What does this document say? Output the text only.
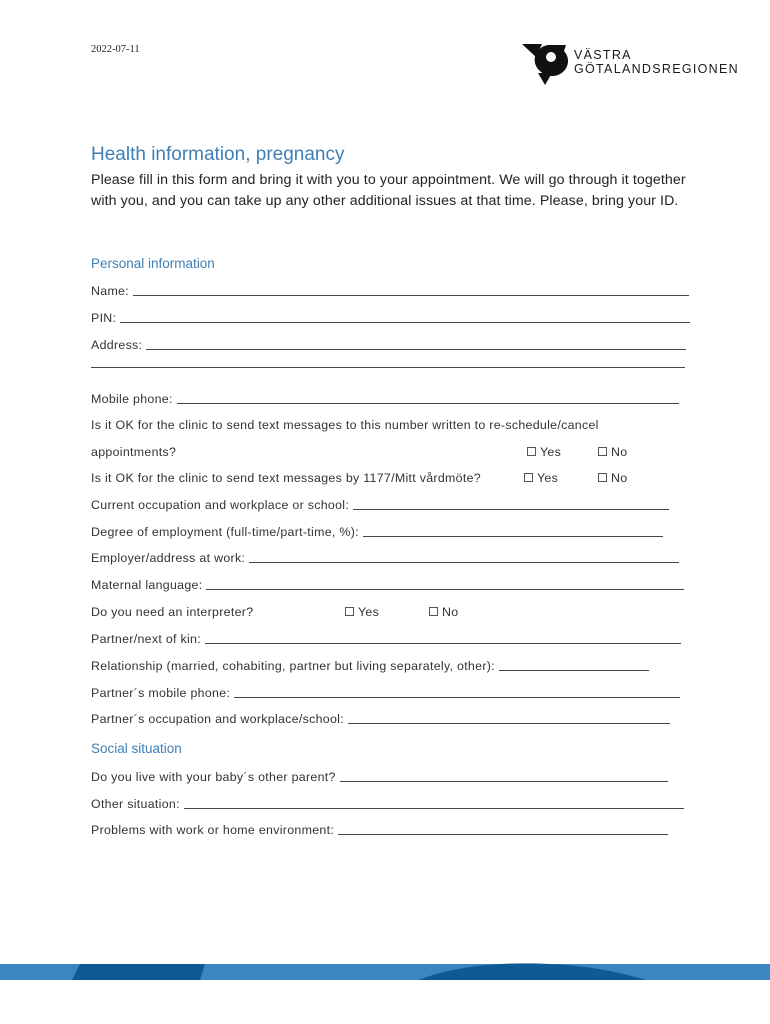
2022-07-11	VÄSTRA
GÖTALANDSREGIONEN
Health information, pregnancy

Please fill in this form and bring it with you to your appointment. We will go through it together with you, and you can take up any other additional issues at that time. Please, bring your ID.

Personal information
Name:
PIN:
Address:
Mobile phone:
Is it OK for the clinic to send text messages to this number written to re-schedule/cancel
appointments?	Yes	No
Is it OK for the clinic to send text messages by 1177/Mitt vårdmöte?	Yes	No
Current occupation and workplace or school:
Degree of employment (full-time/part-time, %):
Employer/address at work:
Maternal language:
Do you need an interpreter?	Yes	No
Partner/next of kin:
Relationship (married, cohabiting, partner but living separately, other):
Partner´s mobile phone:
Partner´s occupation and workplace/school:
Social situation
Do you live with your baby´s other parent?
Other situation:
Problems with work or home environment:
